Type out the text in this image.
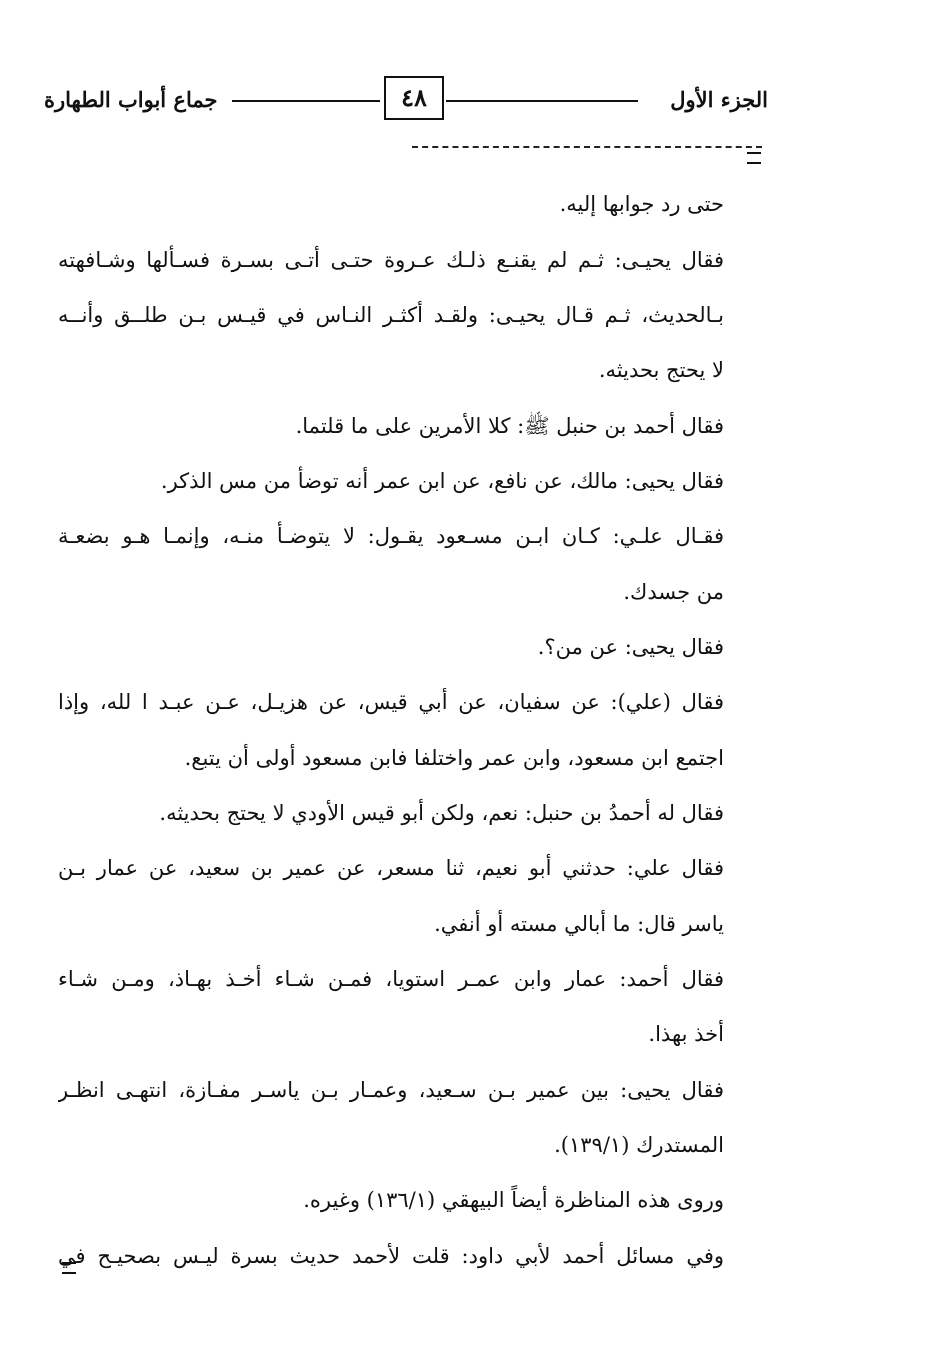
الجزء الأول
٤٨
جماع أبواب الطهارة
حتى رد جوابها إليه.
فقال يحيـى: ثـم لم يقنـع ذلـك عـروة حتـى أتـى بسـرة فسـألها وشـافهته
بـالحديث، ثـم قـال يحيـى: ولقـد أكثـر النـاس في قيـس بـن طلــق وأنــه
لا يحتج بحديثه.
فقال أحمد بن حنبل ﷺ: كلا الأمرين على ما قلتما.
فقال يحيى: مالك، عن نافع، عن ابن عمر أنه توضأ من مس الذكر.
فقـال علـي: كـان ابـن مسـعود يقـول: لا يتوضـأ منـه، وإنمـا هـو بضعـة
من جسدك.
فقال يحيى: عن من؟.
فقال (علي): عن سفيان، عن أبي قيس، عن هزيـل، عـن عبـد ا لله، وإذا
اجتمع ابن مسعود، وابن عمر واختلفا فابن مسعود أولى أن يتبع.
فقال له أحمدُ بن حنبل: نعم، ولكن أبو قيس الأودي لا يحتج بحديثه.
فقال علي: حدثني أبو نعيم، ثنا مسعر، عن عمير بن سعيد، عن عمار بـن
ياسر قال: ما أبالي مسته أو أنفي.
فقال أحمد: عمار وابن عمـر استويا، فمـن شـاء أخـذ بهـاذ، ومـن شـاء
أخذ بهذا.
فقال يحيى: بين عمير بـن سـعيد، وعمـار بـن ياسـر مفـازة، انتهـى انظـر
المستدرك (١٣٩/١).
وروى هذه المناظرة أيضاً البيهقي (١٣٦/١) وغيره.
وفي مسائل أحمد لأبي داود: قلت لأحمد حديث بسرة ليـس بصحيـح في
